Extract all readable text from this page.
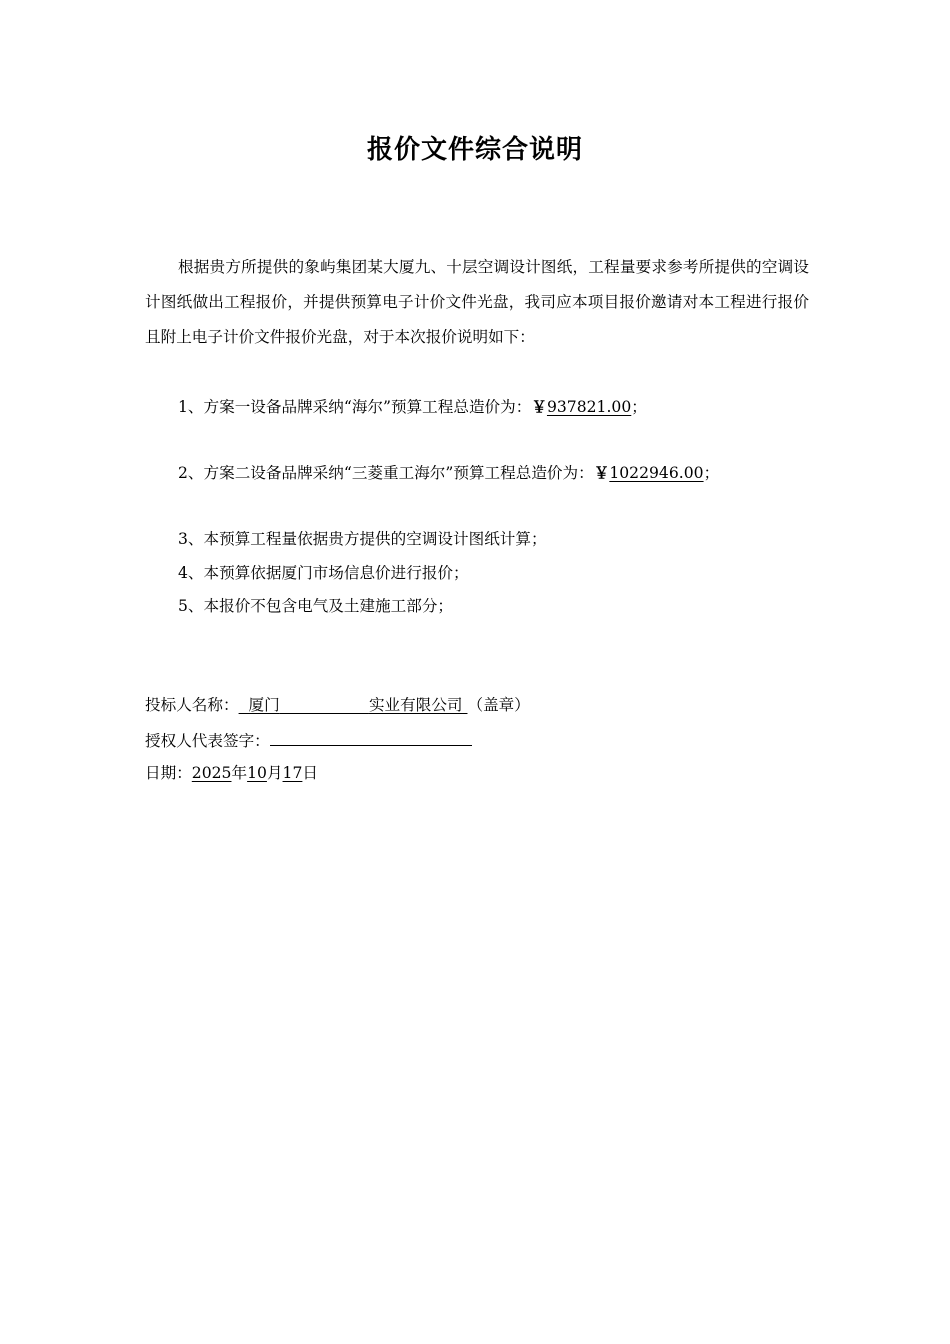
报价文件综合说明
根据贵方所提供的象屿集团某大厦九、十层空调设计图纸，工程量要求参考所提供的空调设计图纸做出工程报价，并提供预算电子计价文件光盘，我司应本项目报价邀请对本工程进行报价且附上电子计价文件报价光盘，对于本次报价说明如下：
1、方案一设备品牌采纳“海尔”预算工程总造价为：￥937821.00；
2、方案二设备品牌采纳“三菱重工海尔”预算工程总造价为：￥1022946.00；
3、本预算工程量依据贵方提供的空调设计图纸计算；
4、本预算依据厦门市场信息价进行报价；
5、本报价不包含电气及土建施工部分；
投标人名称： 厦门	实业有限公司 （盖章）
授权人代表签字：
日期：2025年10月17日
